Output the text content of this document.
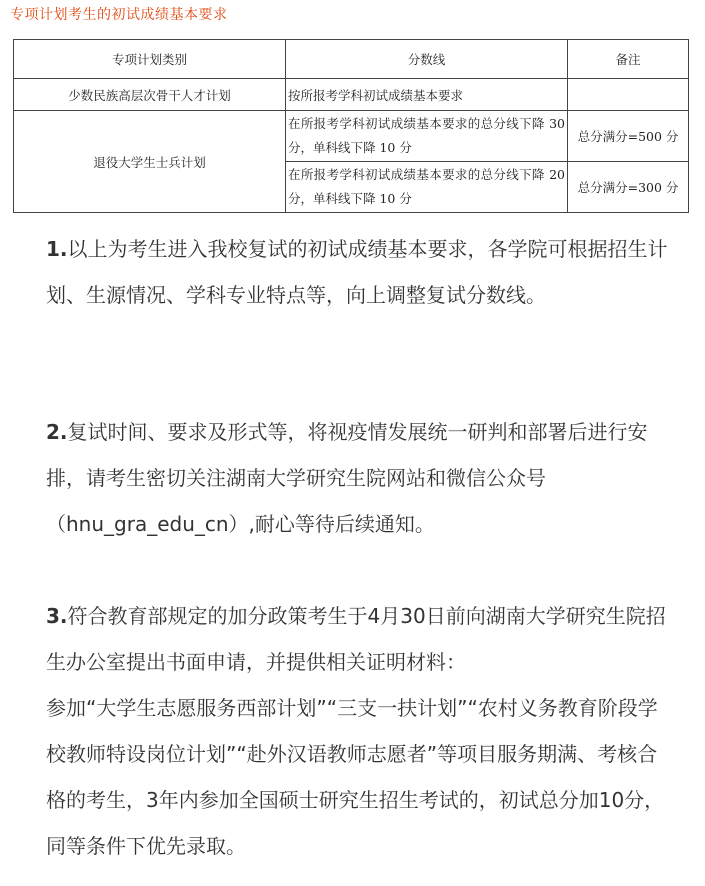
专项计划考生的初试成绩基本要求
专项计划类别	分数线	备注
少数民族高层次骨干人才计划	按所报考学科初试成绩基本要求	
退役大学生士兵计划	在所报考学科初试成绩基本要求的总分线下降 30 分，单科线下降 10 分	总分满分=500 分

	在所报考学科初试成绩基本要求的总分线下降 20 分，单科线下降 10 分	总分满分=300 分
1.以上为考生进入我校复试的初试成绩基本要求，各学院可根据招生计划、生源情况、学科专业特点等，向上调整复试分数线。
2.复试时间、要求及形式等，将视疫情发展统一研判和部署后进行安排，请考生密切关注湖南大学研究生院网站和微信公众号（hnu_gra_edu_cn）,耐心等待后续通知。
3.符合教育部规定的加分政策考生于4月30日前向湖南大学研究生院招生办公室提出书面申请，并提供相关证明材料：
参加“大学生志愿服务西部计划”“三支一扶计划”“农村义务教育阶段学校教师特设岗位计划”“赴外汉语教师志愿者”等项目服务期满、考核合格的考生，3年内参加全国硕士研究生招生考试的，初试总分加10分，同等条件下优先录取。
